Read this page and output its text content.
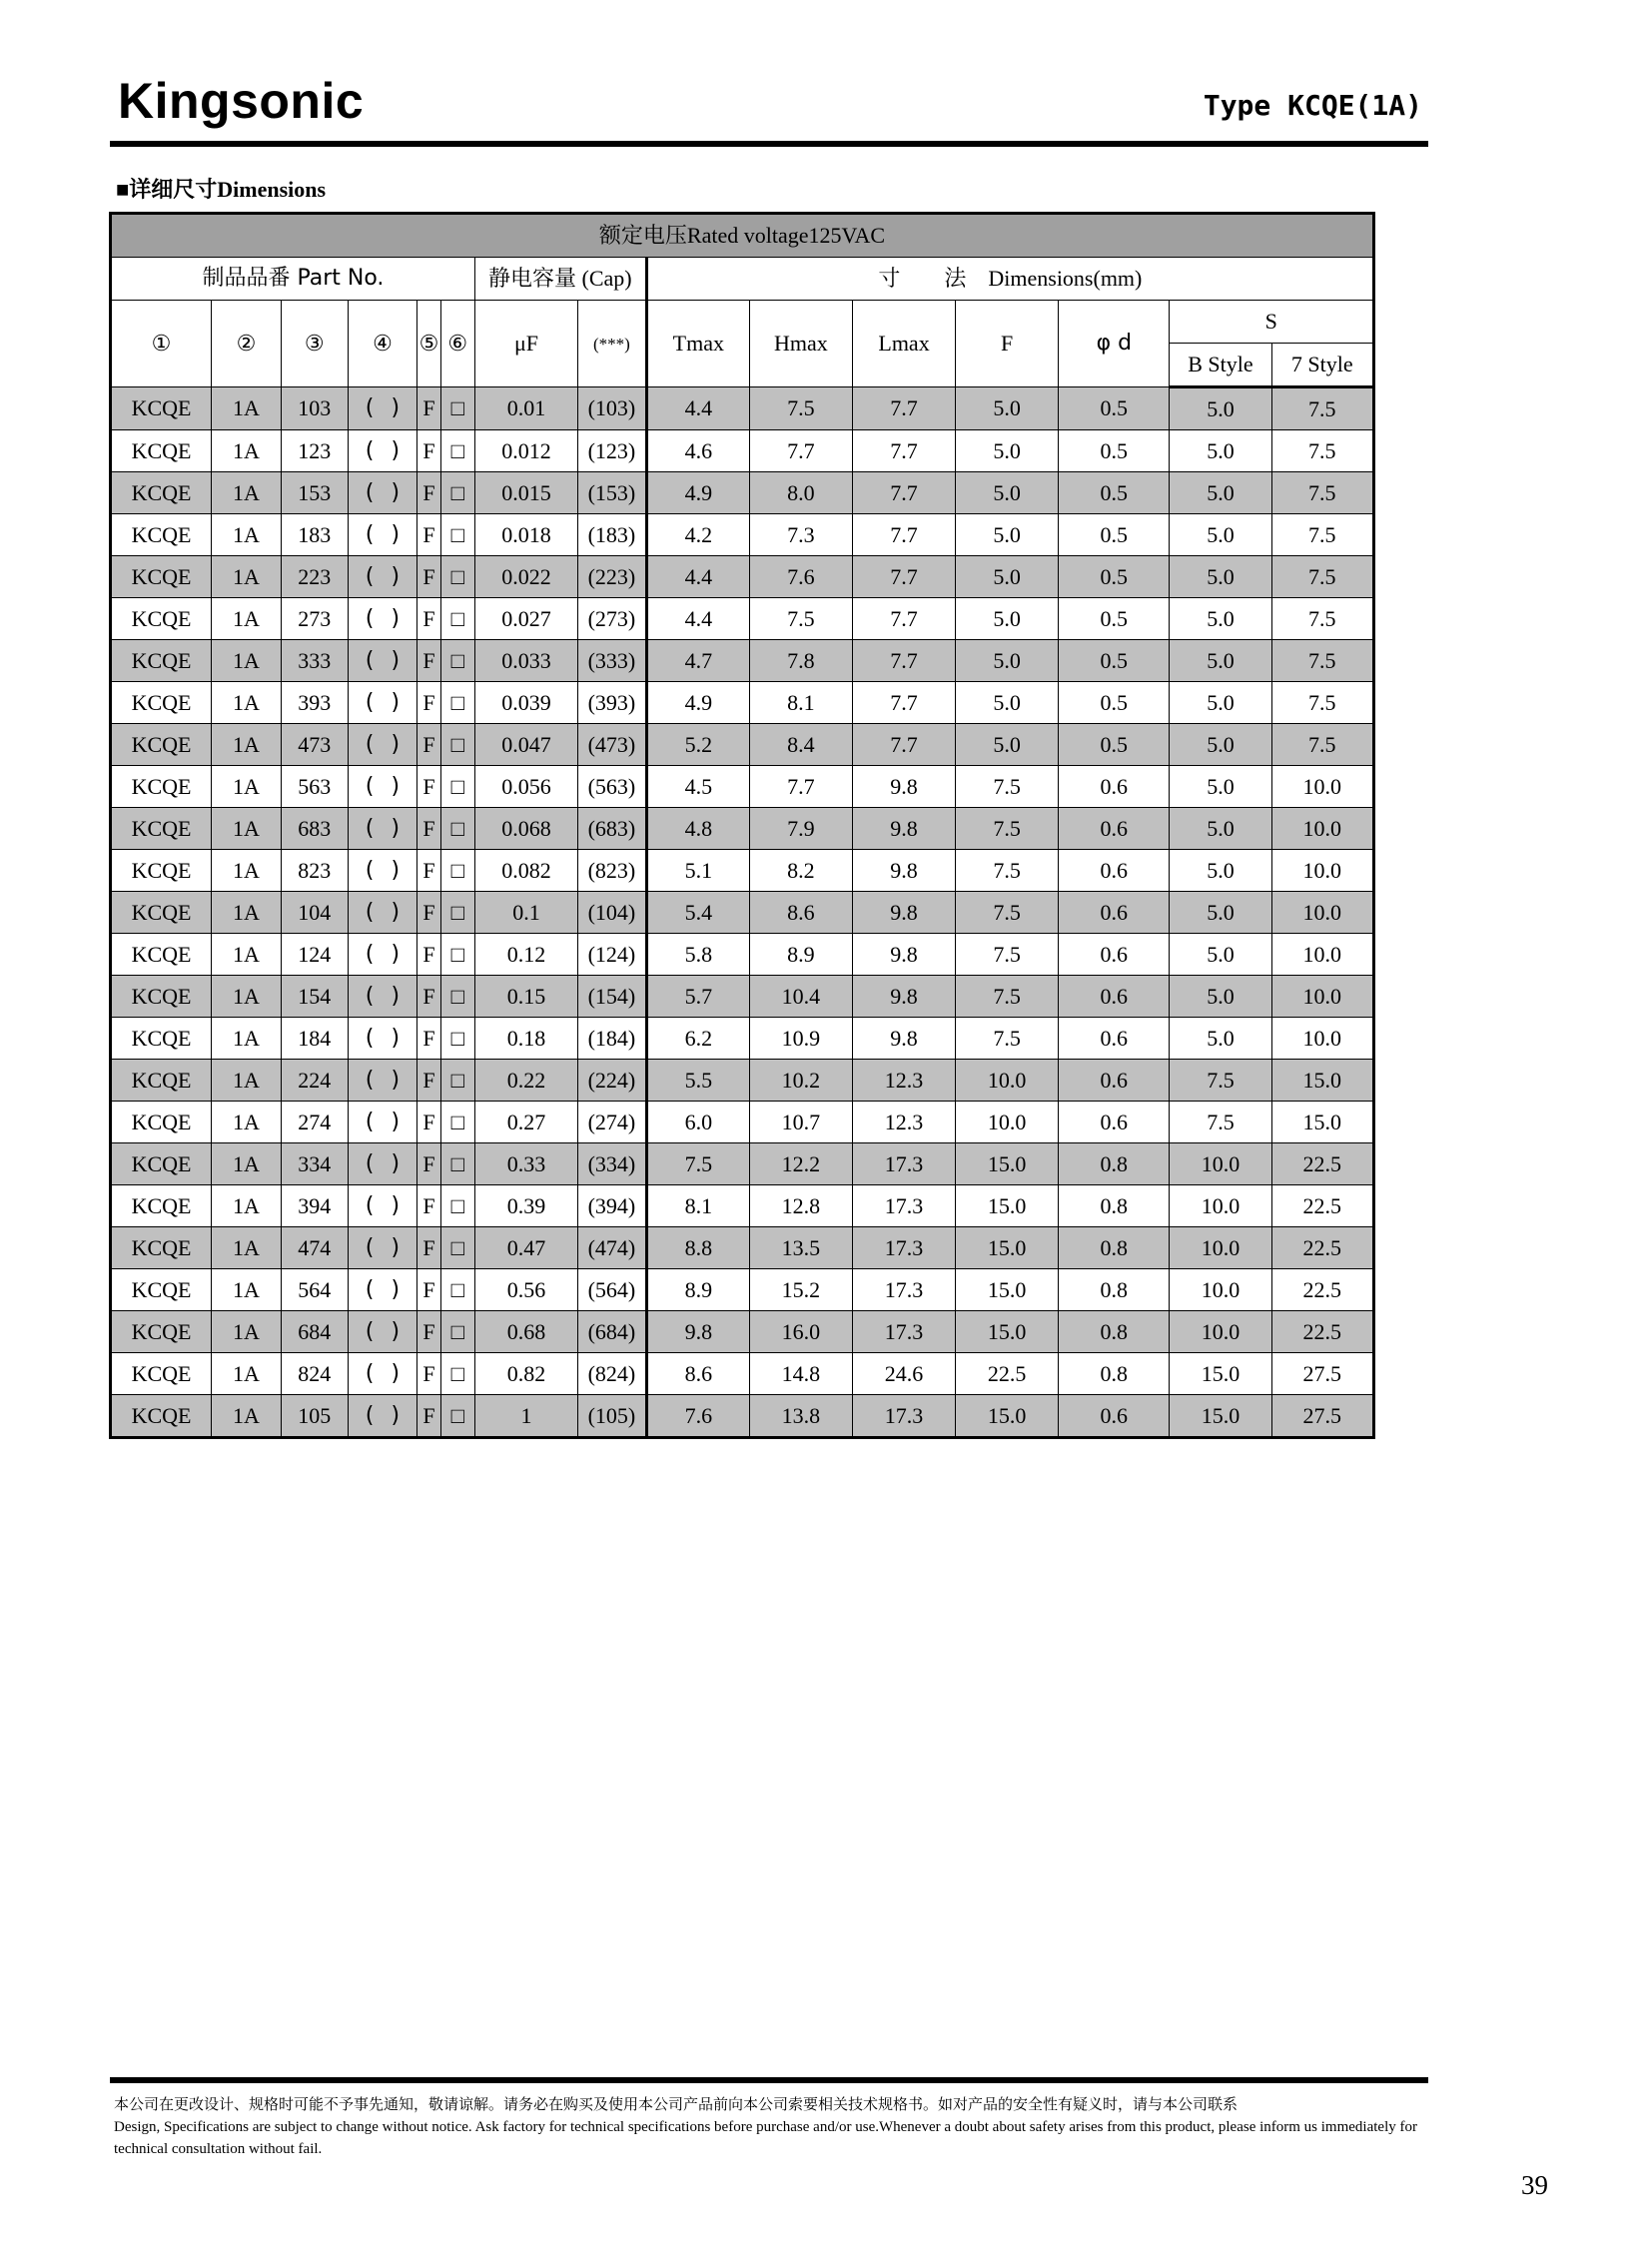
Kingsonic	Type KCQE(1A)
■详细尺寸Dimensions
额定电压Rated voltage125VAC														
制品品番 Part No.						静电容量 (Cap)		寸　　法　Dimensions(mm)						
①	②	③	④	⑤	⑥	μF	(***)	Tmax	Hmax	Lmax	F	φ d	S	
													B Style	7 Style
KCQE	1A	103	( )	F	□	0.01	(103)	4.4	7.5	7.7	5.0	0.5	5.0	7.5
KCQE	1A	123	( )	F	□	0.012	(123)	4.6	7.7	7.7	5.0	0.5	5.0	7.5
KCQE	1A	153	( )	F	□	0.015	(153)	4.9	8.0	7.7	5.0	0.5	5.0	7.5
KCQE	1A	183	( )	F	□	0.018	(183)	4.2	7.3	7.7	5.0	0.5	5.0	7.5
KCQE	1A	223	( )	F	□	0.022	(223)	4.4	7.6	7.7	5.0	0.5	5.0	7.5
KCQE	1A	273	( )	F	□	0.027	(273)	4.4	7.5	7.7	5.0	0.5	5.0	7.5
KCQE	1A	333	( )	F	□	0.033	(333)	4.7	7.8	7.7	5.0	0.5	5.0	7.5
KCQE	1A	393	( )	F	□	0.039	(393)	4.9	8.1	7.7	5.0	0.5	5.0	7.5
KCQE	1A	473	( )	F	□	0.047	(473)	5.2	8.4	7.7	5.0	0.5	5.0	7.5
KCQE	1A	563	( )	F	□	0.056	(563)	4.5	7.7	9.8	7.5	0.6	5.0	10.0
KCQE	1A	683	( )	F	□	0.068	(683)	4.8	7.9	9.8	7.5	0.6	5.0	10.0
KCQE	1A	823	( )	F	□	0.082	(823)	5.1	8.2	9.8	7.5	0.6	5.0	10.0
KCQE	1A	104	( )	F	□	0.1	(104)	5.4	8.6	9.8	7.5	0.6	5.0	10.0
KCQE	1A	124	( )	F	□	0.12	(124)	5.8	8.9	9.8	7.5	0.6	5.0	10.0
KCQE	1A	154	( )	F	□	0.15	(154)	5.7	10.4	9.8	7.5	0.6	5.0	10.0
KCQE	1A	184	( )	F	□	0.18	(184)	6.2	10.9	9.8	7.5	0.6	5.0	10.0
KCQE	1A	224	( )	F	□	0.22	(224)	5.5	10.2	12.3	10.0	0.6	7.5	15.0
KCQE	1A	274	( )	F	□	0.27	(274)	6.0	10.7	12.3	10.0	0.6	7.5	15.0
KCQE	1A	334	( )	F	□	0.33	(334)	7.5	12.2	17.3	15.0	0.8	10.0	22.5
KCQE	1A	394	( )	F	□	0.39	(394)	8.1	12.8	17.3	15.0	0.8	10.0	22.5
KCQE	1A	474	( )	F	□	0.47	(474)	8.8	13.5	17.3	15.0	0.8	10.0	22.5
KCQE	1A	564	( )	F	□	0.56	(564)	8.9	15.2	17.3	15.0	0.8	10.0	22.5
KCQE	1A	684	( )	F	□	0.68	(684)	9.8	16.0	17.3	15.0	0.8	10.0	22.5
KCQE	1A	824	( )	F	□	0.82	(824)	8.6	14.8	24.6	22.5	0.8	15.0	27.5
KCQE	1A	105	( )	F	□	1	(105)	7.6	13.8	17.3	15.0	0.6	15.0	27.5
本公司在更改设计、规格时可能不予事先通知，敬请谅解。请务必在购买及使用本公司产品前向本公司索要相关技术规格书。如对产品的安全性有疑义时，请与本公司联系
Design, Specifications are subject to change without notice. Ask factory for technical specifications before purchase and/or use.Whenever a doubt about safety arises from this product, please inform us immediately for technical consultation without fail.
39
